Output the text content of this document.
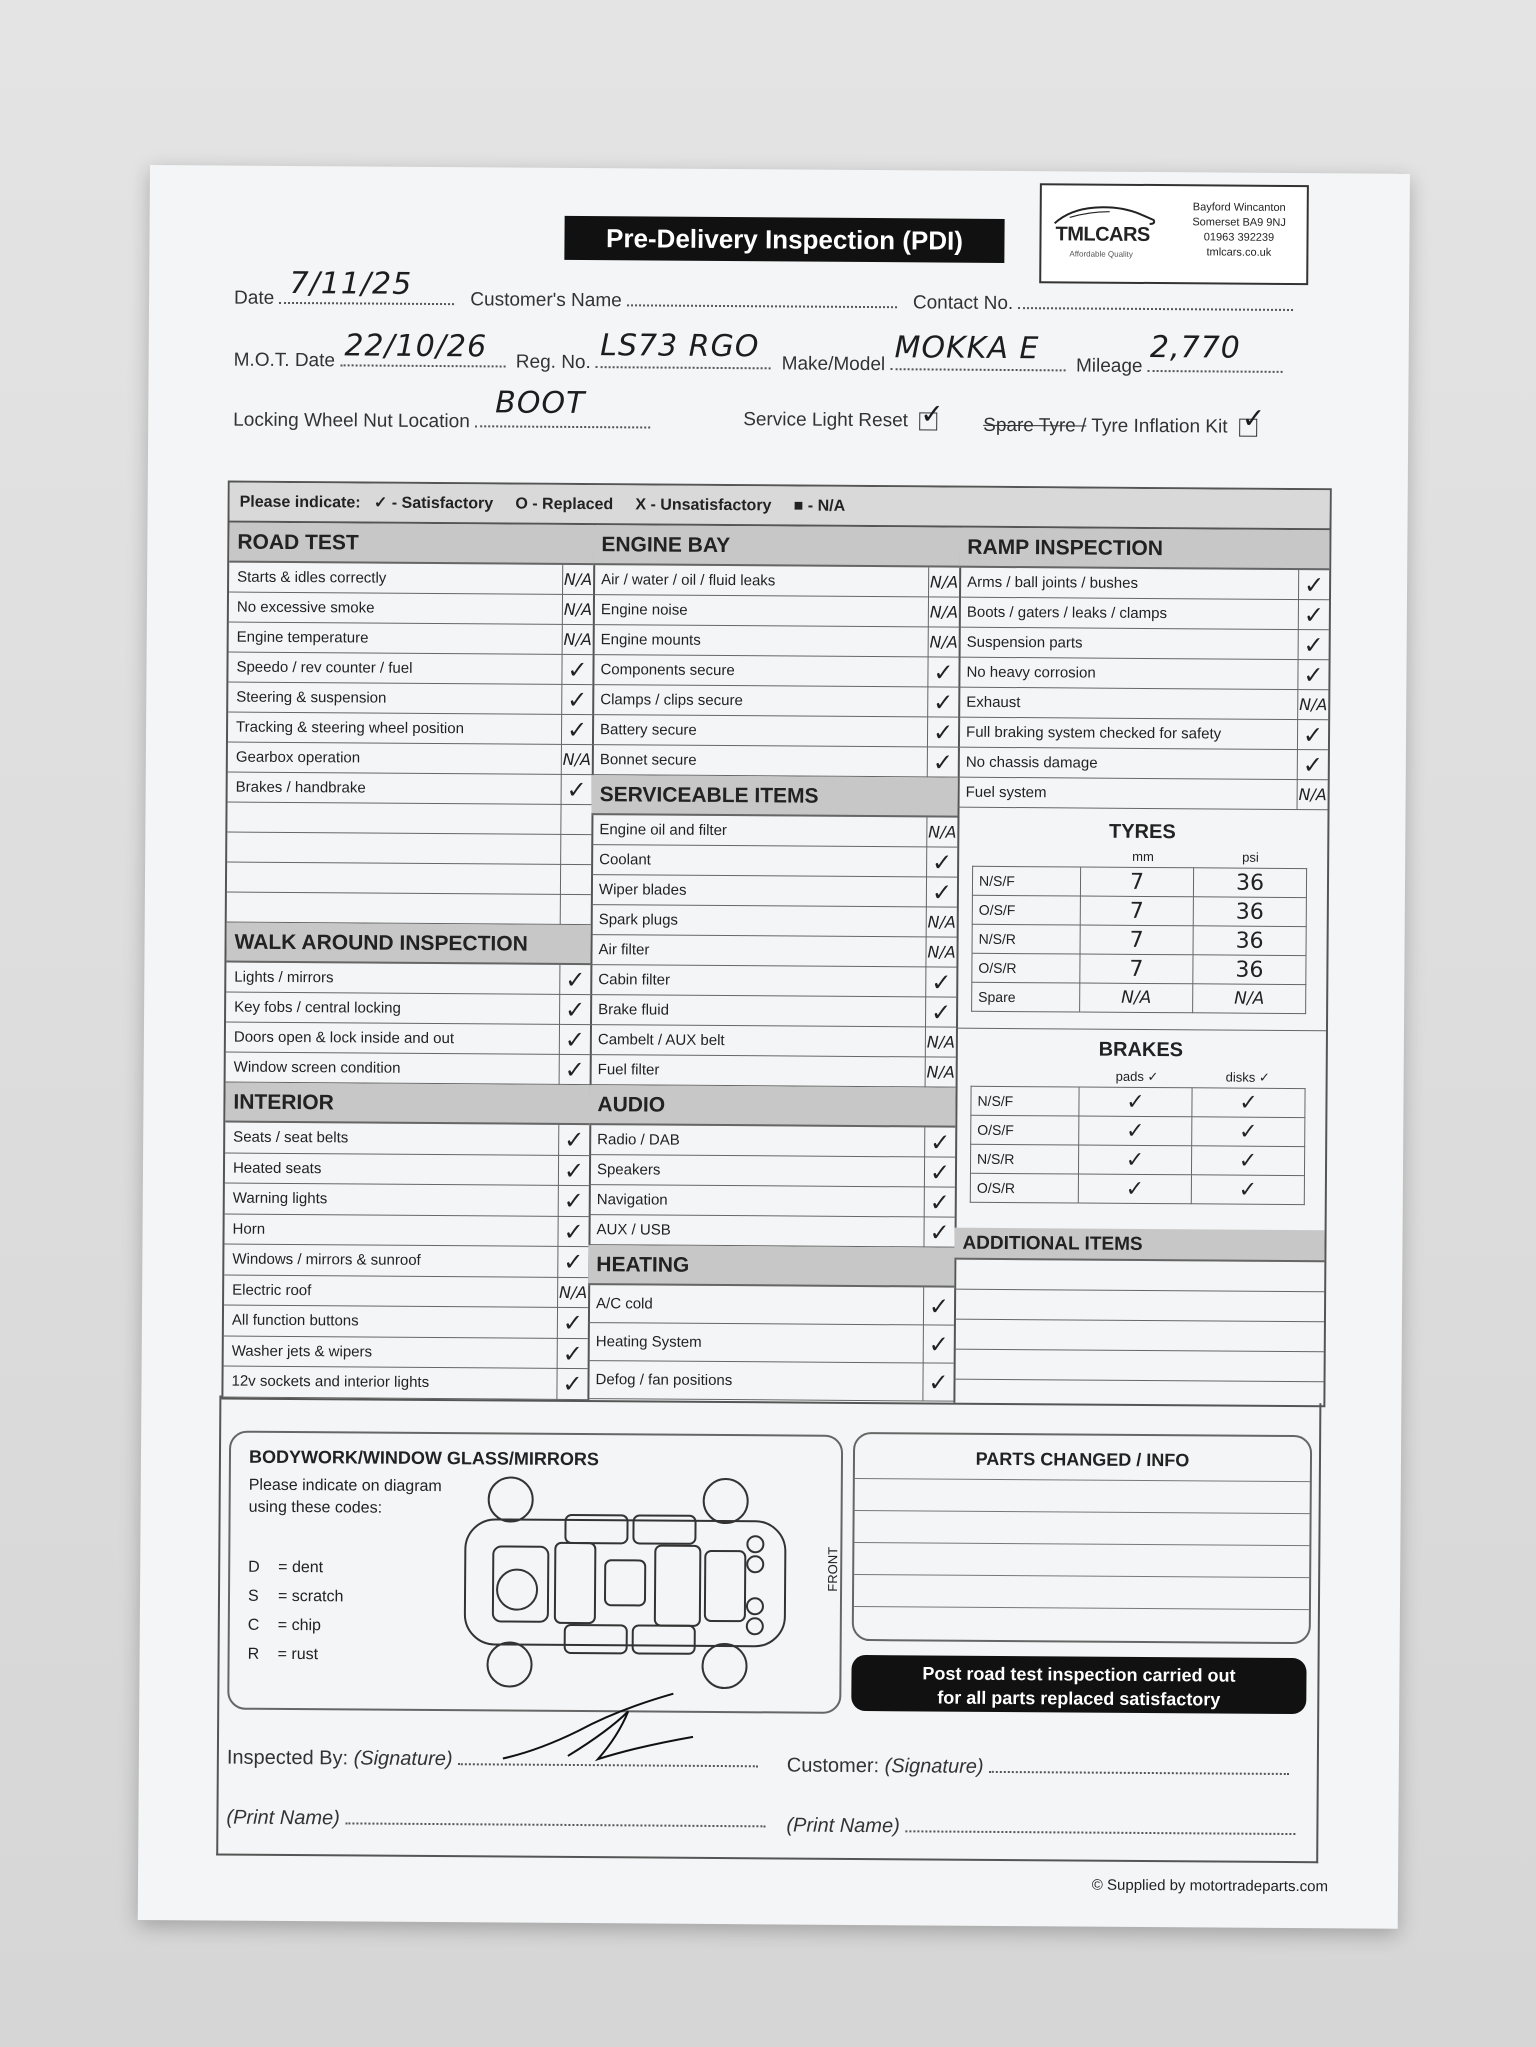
Pre-Delivery Inspection (PDI)	TMLCARS
Affordable Quality
Bayford Wincanton
Somerset BA9 9NJ
01963 392239
tmlcars.co.uk
Date 7/11/25	Customer's Name	Contact No.
M.O.T. Date 22/10/26 Reg. No. LS73 RGO
Make/Model MOKKA E Mileage
2,770
Locking Wheel Nut Location BOOT	Service Light Reset ✓ Spare Tyre / Tyre Inflation Kit ✓
Please indicate: ✓ - Satisfactory O - Replaced X - Unsatisfactory ■ - N/A
ROAD TEST
Starts & idles correctly	N/A
No excessive smoke	N/A
Engine temperature	N/A
Speedo / rev counter / fuel	✓
Steering & suspension	✓
Tracking & steering wheel position	✓
Gearbox operation	N/A
Brakes / handbrake	✓
WALK AROUND INSPECTION
Lights / mirrors	✓
Key fobs / central locking	✓
Doors open & lock inside and out	✓
Window screen condition	✓
INTERIOR
Seats / seat belts	✓
Heated seats	✓
Warning lights	✓
Horn	✓
Windows / mirrors & sunroof	✓
Electric roof	N/A
All function buttons	✓
Washer jets & wipers	✓
12v sockets and interior lights	✓
ENGINE BAY
Air / water / oil / fluid leaks	N/A
Engine noise	N/A
Engine mounts	N/A
Components secure	✓
Clamps / clips secure	✓
Battery secure	✓
Bonnet secure	✓
SERVICEABLE ITEMS
Engine oil and filter	N/A
Coolant	✓
Wiper blades	✓
Spark plugs	N/A
Air filter	N/A
Cabin filter	✓
Brake fluid	✓
Cambelt / AUX belt	N/A
Fuel filter	N/A
AUDIO
Radio / DAB	✓
Speakers	✓
Navigation	✓
AUX / USB	✓
HEATING
A/C cold	✓
Heating System	✓
Defog / fan positions	✓
RAMP INSPECTION
Arms / ball joints / bushes	✓
Boots / gaters / leaks / clamps	✓
Suspension parts	✓
No heavy corrosion	✓
Exhaust	N/A
Full braking system checked for safety	✓
No chassis damage	✓
Fuel system	N/A
TYRES
mm	psi
N/S/F	7	36
O/S/F	7	36
N/S/R	7	36
O/S/R	7	36
Spare	N/A	N/A
BRAKES
pads ✓	disks ✓
N/S/F	✓	✓
O/S/F	✓	✓
N/S/R	✓	✓
O/S/R	✓	✓
ADDITIONAL ITEMS
BODYWORK/WINDOW GLASS/MIRRORS
Please indicate on diagram using these codes:
D = dent
S = scratch
C = chip
R = rust
FRONT
PARTS CHANGED / INFO
Post road test inspection carried out
for all parts replaced satisfactory
Inspected By: (Signature)	Customer: (Signature)
(Print Name)	(Print Name)
© Supplied by motortradeparts.com
